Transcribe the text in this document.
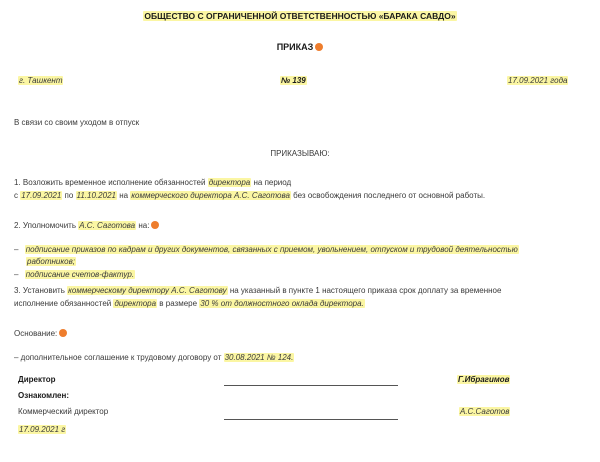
ОБЩЕСТВО С ОГРАНИЧЕННОЙ ОТВЕТСТВЕННОСТЬЮ «БАРАКА САВДО»
ПРИКАЗ
г. Ташкент	№ 139	17.09.2021 года
В связи со своим уходом в отпуск
ПРИКАЗЫВАЮ:
1. Возложить временное исполнение обязанностей директора на период
с 17.09.2021 по 11.10.2021 на коммерческого директора А.С. Саготова без освобождения последнего от основной работы.
2. Уполномочить А.С. Саготова на:
– подписание приказов по кадрам и других документов, связанных с приемом, увольнением, отпуском и трудовой деятельностью
работников;
– подписание счетов-фактур.
3. Установить коммерческому директору А.С. Саготову на указанный в пункте 1 настоящего приказа срок доплату за временное
исполнение обязанностей директора в размере 30 % от должностного оклада директора.
Основание:
– дополнительное соглашение к трудовому договору от 30.08.2021 № 124.
Директор	Г.Ибрагимов
Ознакомлен:
Коммерческий директор	А.С.Саготов
17.09.2021 г
